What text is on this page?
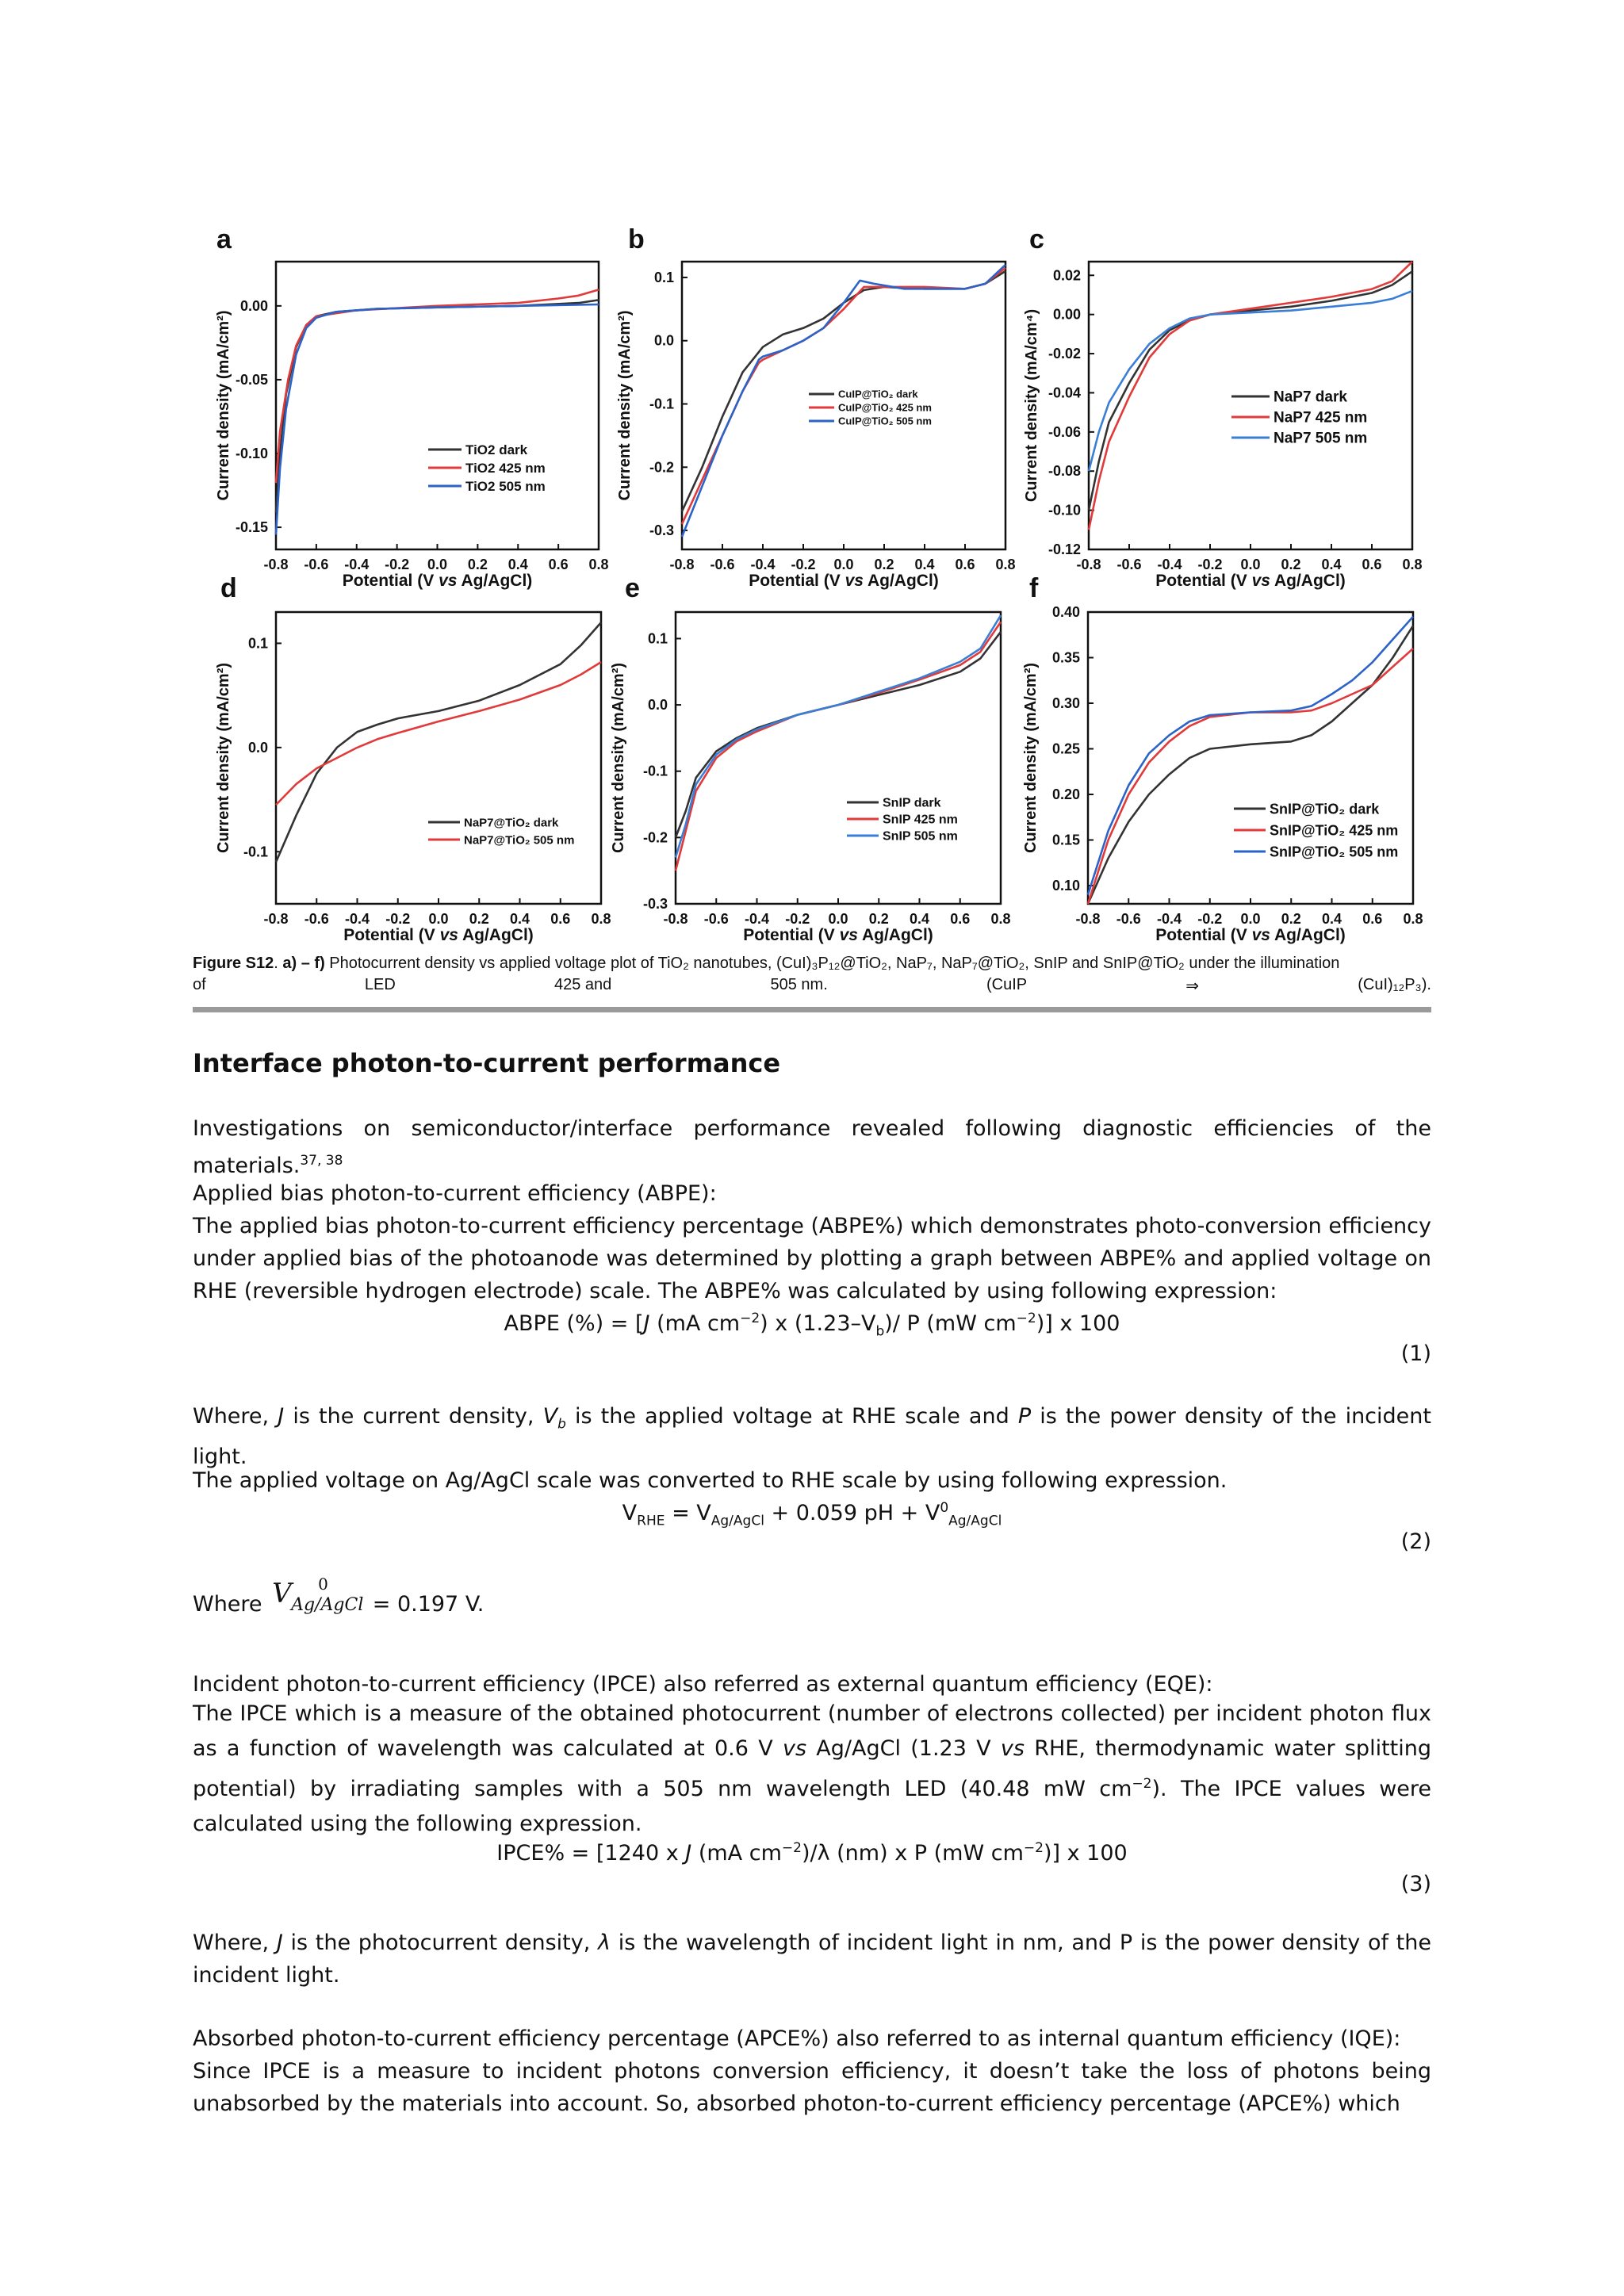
a
-0.8 -0.6 -0.4 -0.2 0.0 0.2 0.4 0.6 0.8
0.00
-0.05
-0.10
-0.15
Potential (V vs Ag/AgCl)
Current density (mA/cm²)	TiO2 dark
TiO2 425 nm
TiO2 505 nm
b
-0.8 -0.6 -0.4 -0.2 0.0 0.2 0.4 0.6 0.8
0.1
0.0
-0.1
-0.2
-0.3
Potential (V vs Ag/AgCl)
Current density (mA/cm²)	CuIP@TiO₂ dark
CuIP@TiO₂ 425 nm
CuIP@TiO₂ 505 nm
c
-0.8 -0.6 -0.4 -0.2 0.0 0.2 0.4 0.6 0.8
0.02
0.00
-0.02
-0.04
-0.06
-0.08
-0.10
-0.12
Potential (V vs Ag/AgCl)
Current density (mA/cm⁴)	NaP7 dark
NaP7 425 nm
NaP7 505 nm
d
-0.8 -0.6 -0.4 -0.2 0.0 0.2 0.4 0.6 0.8
0.1
0.0
-0.1
Potential (V vs Ag/AgCl)
Current density (mA/cm²)	NaP7@TiO₂ dark
NaP7@TiO₂ 505 nm
e
-0.8 -0.6 -0.4 -0.2 0.0 0.2 0.4 0.6 0.8
0.1
0.0
-0.1
-0.2
-0.3
Potential (V vs Ag/AgCl)
Current density (mA/cm²)	SnIP dark
SnIP 425 nm
SnIP 505 nm
f
-0.8 -0.6 -0.4 -0.2 0.0 0.2 0.4 0.6 0.8
0.40
0.35
0.30
0.25
0.20
0.15
0.10
Potential (V vs Ag/AgCl)
Current density (mA/cm²)	SnIP@TiO₂ dark
SnIP@TiO₂ 425 nm
SnIP@TiO₂ 505 nm
Figure S12. a) – f) Photocurrent density vs applied voltage plot of TiO₂ nanotubes, (CuI)₃P₁₂@TiO₂, NaP₇, NaP₇@TiO₂, SnIP and SnIP@TiO₂ under the illumination
of	LED	425 and	505 nm.	(CuIP	⇒	(CuI)₁₂P₃).
Interface photon-to-current performance
Investigations on semiconductor/interface performance revealed following diagnostic efficiencies of the materials.$^{37, 38}$
Applied bias photon-to-current efficiency (ABPE):
The applied bias photon-to-current efficiency percentage (ABPE%) which demonstrates photo-conversion efficiency under applied bias of the photoanode was determined by plotting a graph between ABPE% and applied voltage on RHE (reversible hydrogen electrode) scale. The ABPE% was calculated by using following expression:
ABPE (%) = [J (mA $cm^{-2}$) x $(1.23-V_b)/$ P (mW $cm^{-2}$)] x 100
(1)
Where, J is the current density, $V_b$ is the applied voltage at RHE scale and P is the power density of the incident light.
The applied voltage on Ag/AgCl scale was converted to RHE scale by using following expression.
$V_{RHE} = V_{Ag/AgCl} + 0.059$ pH + $V^0_{Ag/AgCl}$
(2)
Where V 0
Ag/AgCl = 0.197 V.
Incident photon-to-current efficiency (IPCE) also referred as external quantum efficiency (EQE):
The IPCE which is a measure of the obtained photocurrent (number of electrons collected) per incident photon flux as a function of wavelength was calculated at 0.6 V vs Ag/AgCl (1.23 V vs RHE, thermodynamic water splitting potential) by irradiating samples with a 505 nm wavelength LED (40.48 mW $cm^{-2}$). The IPCE values were calculated using the following expression.
IPCE% = [1240 x J (mA $cm^{-2})/\lambda$ (nm) x P (mW $cm^{-2}$)] x 100
(3)
Where, J is the photocurrent density, λ is the wavelength of incident light in nm, and P is the power density of the incident light.
Absorbed photon-to-current efficiency percentage (APCE%) also referred to as internal quantum efficiency (IQE):
Since IPCE is a measure to incident photons conversion efficiency, it doesn’t take the loss of photons being unabsorbed by the materials into account. So, absorbed photon-to-current efficiency percentage (APCE%) which
